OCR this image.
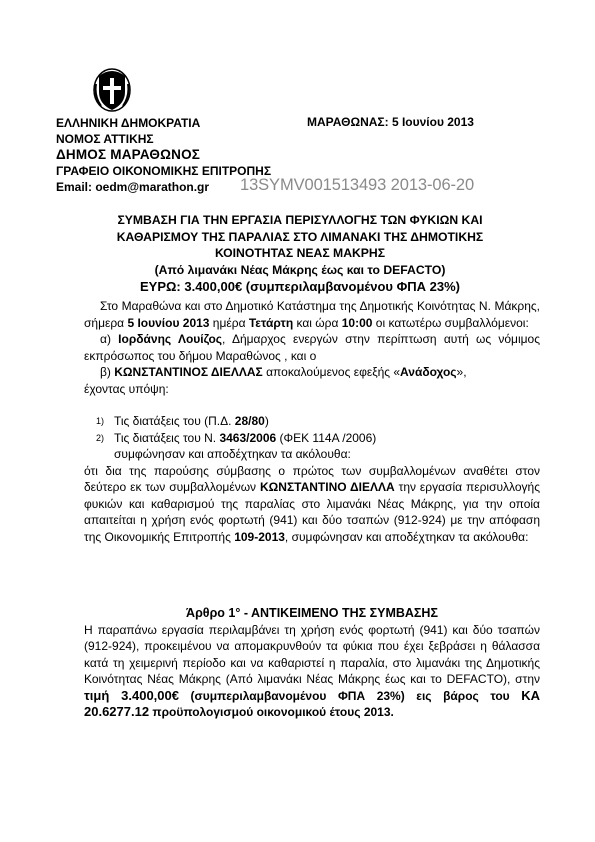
ΕΛΛΗΝΙΚΗ ΔΗΜΟΚΡΑΤΙΑ
ΝΟΜΟΣ ΑΤΤΙΚΗΣ
ΔΗΜΟΣ ΜΑΡΑΘΩΝΟΣ
ΓΡΑΦΕΙΟ ΟΙΚΟΝΟΜΙΚΗΣ ΕΠΙΤΡΟΠΗΣ
Email: oedm@marathon.gr
ΜΑΡΑΘΩΝΑΣ: 5 Ιουνίου 2013
13SYMV001513493 2013-06-20
ΣΥΜΒΑΣΗ ΓΙΑ ΤΗΝ ΕΡΓΑΣΙΑ ΠΕΡΙΣΥΛΛΟΓΗΣ ΤΩΝ ΦΥΚΙΩΝ ΚΑΙ
ΚΑΘΑΡΙΣΜΟΥ ΤΗΣ ΠΑΡΑΛΙΑΣ ΣΤΟ ΛΙΜΑΝΑΚΙ ΤΗΣ ΔΗΜΟΤΙΚΗΣ
ΚΟΙΝΟΤΗΤΑΣ ΝΕΑΣ ΜΑΚΡΗΣ
(Από λιμανάκι Νέας Μάκρης έως και το DEFACTO)
ΕΥΡΩ: 3.400,00€ (συμπεριλαμβανομένου ΦΠΑ 23%)
Στο Μαραθώνα και στο Δημοτικό Κατάστημα της Δημοτικής Κοινότητας Ν. Μάκρης, σήμερα 5 Ιουνίου 2013 ημέρα Τετάρτη και ώρα 10:00 οι κατωτέρω συμβαλλόμενοι:
α) Ιορδάνης Λουίζος, Δήμαρχος ενεργών στην περίπτωση αυτή ως νόμιμος εκπρόσωπος του δήμου Μαραθώνος , και ο
β) ΚΩΝΣΤΑΝΤΙΝΟΣ ΔΙΕΛΛΑΣ αποκαλούμενος εφεξής «Ανάδοχος»,
έχοντας υπόψη:
1) Τις διατάξεις του (Π.Δ. 28/80)
2) Τις διατάξεις του Ν. 3463/2006 (ΦΕΚ 114Α /2006)
συμφώνησαν και αποδέχτηκαν τα ακόλουθα:
ότι δια της παρούσης σύμβασης ο πρώτος των συμβαλλομένων αναθέτει στον δεύτερο εκ των συμβαλλομένων ΚΩΝΣΤΑΝΤΙΝΟ ΔΙΕΛΛΑ την εργασία περισυλλογής φυκιών και καθαρισμού της παραλίας στο λιμανάκι Νέας Μάκρης, για την οποία απαιτείται η χρήση ενός φορτωτή (941) και δύο τσαπών (912-924) με την απόφαση της Οικονομικής Επιτροπής 109-2013, συμφώνησαν και αποδέχτηκαν τα ακόλουθα:
Άρθρο 1° - ΑΝΤΙΚΕΙΜΕΝΟ ΤΗΣ ΣΥΜΒΑΣΗΣ
Η παραπάνω εργασία περιλαμβάνει τη χρήση ενός φορτωτή (941) και δύο τσαπών (912-924), προκειμένου να απομακρυνθούν τα φύκια που έχει ξεβράσει η θάλασσα κατά τη χειμερινή περίοδο και να καθαριστεί η παραλία, στο λιμανάκι της Δημοτικής Κοινότητας Νέας Μάκρης (Από λιμανάκι Νέας Μάκρης έως και το DEFACTO), στην τιμή 3.400,00€ (συμπεριλαμβανομένου ΦΠΑ 23%) εις βάρος του ΚΑ 20.6277.12 προϋπολογισμού οικονομικού έτους 2013.
